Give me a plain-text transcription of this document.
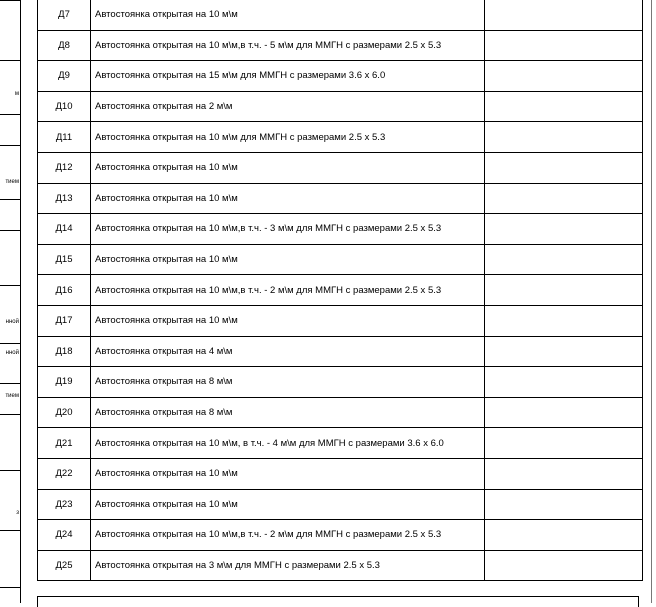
м
тием
нной
нной
тием
з
Д7	Автостоянка открытая на 10 м\м	
Д8	Автостоянка открытая на 10 м\м,в т.ч. - 5 м\м для ММГН с размерами 2.5 х 5.3	
Д9	Автостоянка открытая на 15 м\м для ММГН с размерами 3.6 х 6.0	
Д10	Автостоянка открытая на 2 м\м	
Д11	Автостоянка открытая на 10 м\м для ММГН с размерами 2.5 х 5.3	
Д12	Автостоянка открытая на 10 м\м	
Д13	Автостоянка открытая на 10 м\м	
Д14	Автостоянка открытая на 10 м\м,в т.ч. - 3 м\м для ММГН с размерами 2.5 х 5.3	
Д15	Автостоянка открытая на 10 м\м	
Д16	Автостоянка открытая на 10 м\м,в т.ч. - 2 м\м для ММГН с размерами 2.5 х 5.3	
Д17	Автостоянка открытая на 10 м\м	
Д18	Автостоянка открытая на 4 м\м	
Д19	Автостоянка открытая на 8 м\м	
Д20	Автостоянка открытая на 8 м\м	
Д21	Автостоянка открытая на 10 м\м, в т.ч. - 4 м\м для ММГН с размерами 3.6 х 6.0	
Д22	Автостоянка открытая на 10 м\м	
Д23	Автостоянка открытая на 10 м\м	
Д24	Автостоянка открытая на 10 м\м,в т.ч. - 2 м\м для ММГН с размерами 2.5 х 5.3	
Д25	Автостоянка открытая на 3 м\м для ММГН с размерами 2.5 х 5.3	
